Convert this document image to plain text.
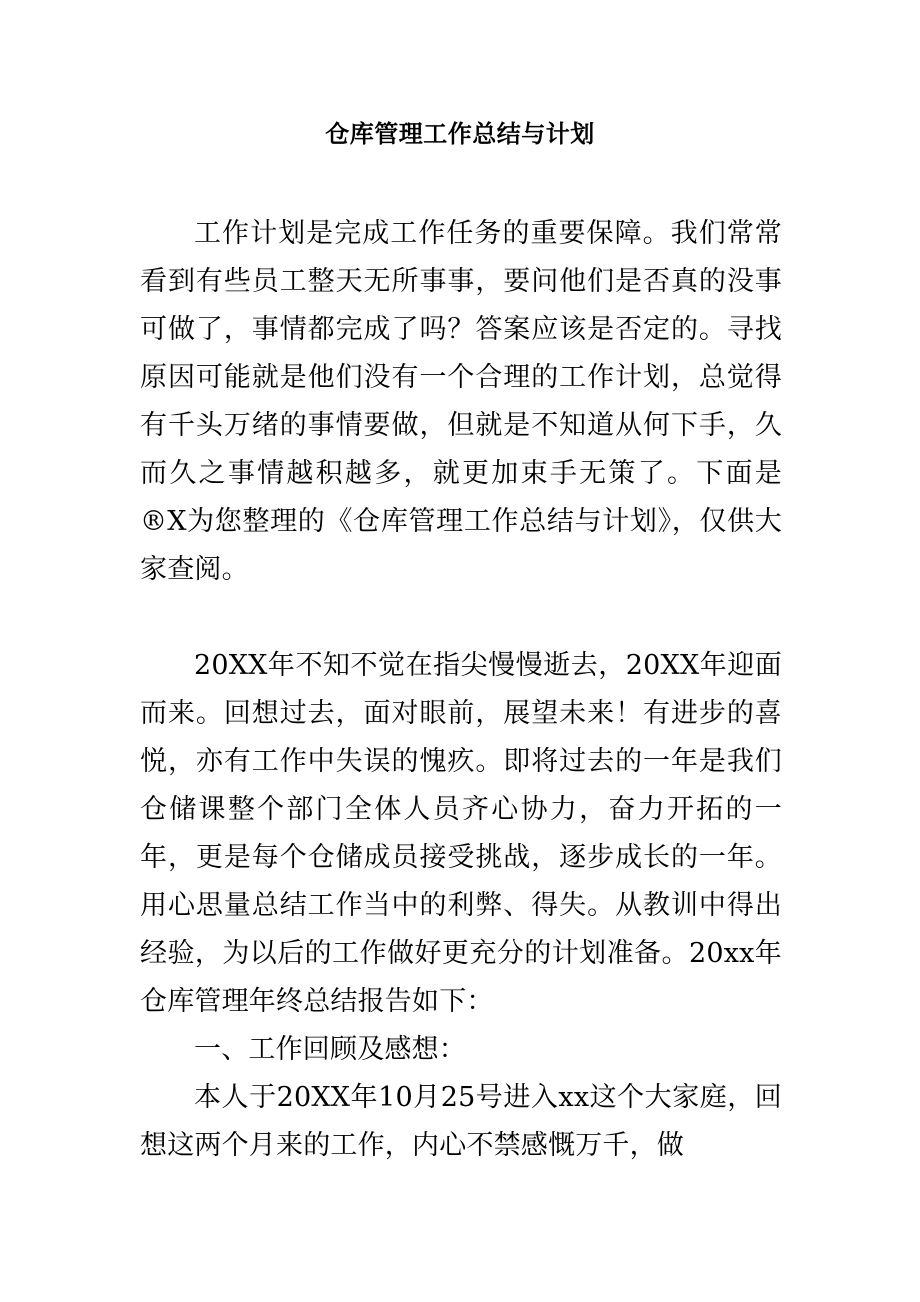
仓库管理工作总结与计划

工作计划是完成工作任务的重要保障。我们常常看到有些员工整天无所事事，要问他们是否真的没事可做了，事情都完成了吗？答案应该是否定的。寻找原因可能就是他们没有一个合理的工作计划，总觉得有千头万绪的事情要做，但就是不知道从何下手，久而久之事情越积越多，就更加束手无策了。下面是®X为您整理的《仓库管理工作总结与计划》，仅供大家查阅。

20XX年不知不觉在指尖慢慢逝去，20XX年迎面而来。回想过去，面对眼前，展望未来！有进步的喜悦，亦有工作中失误的愧疚。即将过去的一年是我们仓储课整个部门全体人员齐心协力，奋力开拓的一年，更是每个仓储成员接受挑战，逐步成长的一年。用心思量总结工作当中的利弊、得失。从教训中得出经验，为以后的工作做好更充分的计划准备。20xx年仓库管理年终总结报告如下：

一、工作回顾及感想：

本人于20XX年10月25号进入xx这个大家庭，回想这两个月来的工作，内心不禁感慨万千，做
